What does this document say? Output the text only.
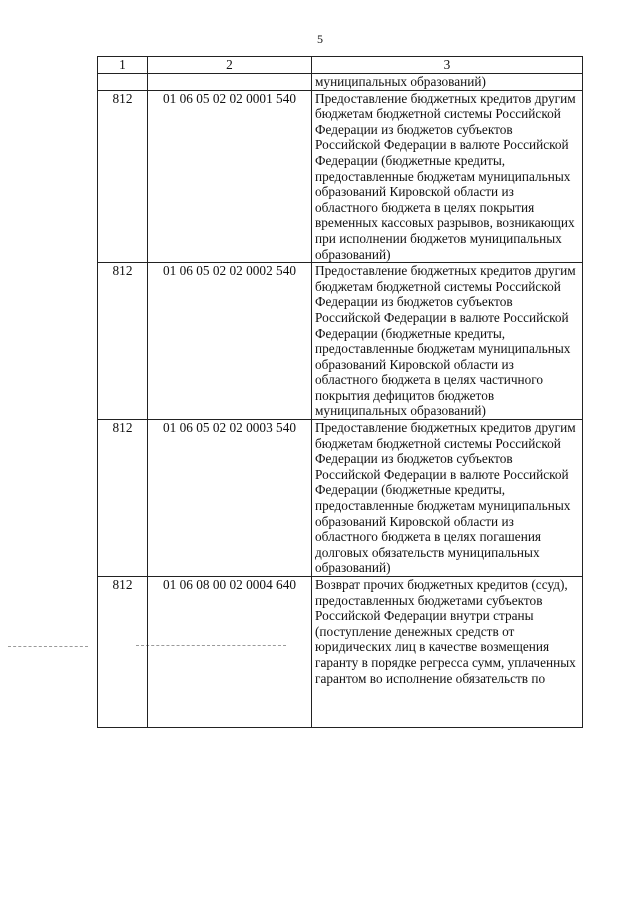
5
1	2	3
		муниципальных образований)
812	01 06 05 02 02 0001 540	Предоставление бюджетных кредитов другим бюджетам бюджетной системы Российской Федерации из бюджетов субъектов Российской Федерации в валюте Российской Федерации (бюджетные кредиты, предоставленные бюджетам муниципальных образований Кировской области из областного бюджета в целях покрытия временных кассовых разрывов, возникающих при исполнении бюджетов муниципальных образований)
812	01 06 05 02 02 0002 540	Предоставление бюджетных кредитов другим бюджетам бюджетной системы Российской Федерации из бюджетов субъектов Российской Федерации в валюте Российской Федерации (бюджетные кредиты, предоставленные бюджетам муниципальных образований Кировской области из областного бюджета в целях частичного покрытия дефицитов бюджетов муниципальных образований)
812	01 06 05 02 02 0003 540	Предоставление бюджетных кредитов другим бюджетам бюджетной системы Российской Федерации из бюджетов субъектов Российской Федерации в валюте Российской Федерации (бюджетные кредиты, предоставленные бюджетам муниципальных образований Кировской области из областного бюджета в целях погашения долговых обязательств муниципальных образований)
812	01 06 08 00 02 0004 640	Возврат прочих бюджетных кредитов (ссуд), предоставленных бюджетами субъектов Российской Федерации внутри страны (поступление денежных средств от юридических лиц в качестве возмещения гаранту в порядке регресса сумм, уплаченных гарантом во исполнение обязательств по
